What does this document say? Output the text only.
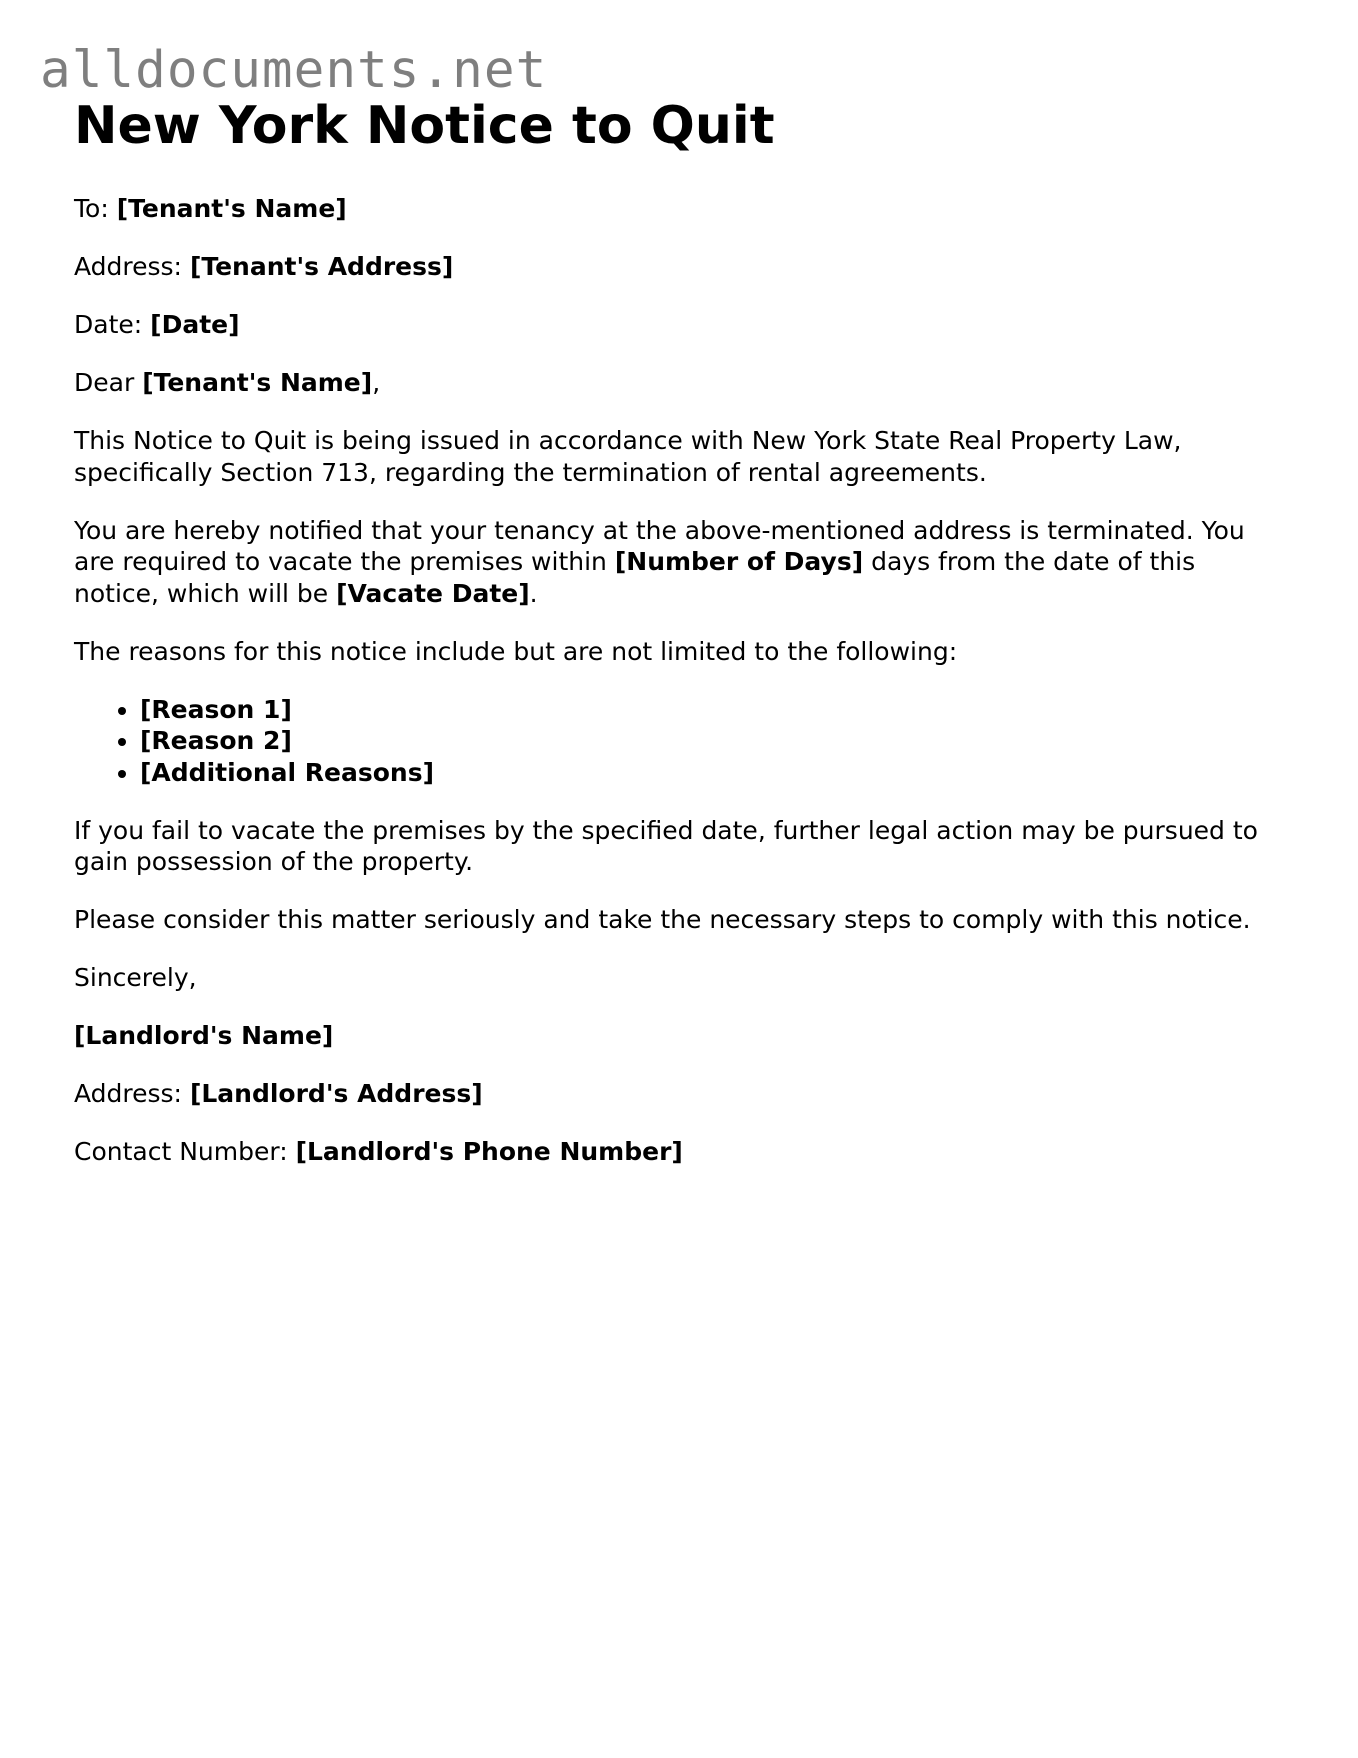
alldocuments.net
New York Notice to Quit

To: [Tenant's Name]

Address: [Tenant's Address]

Date: [Date]

Dear [Tenant's Name],

This Notice to Quit is being issued in accordance with New York State Real Property Law, specifically Section 713, regarding the termination of rental agreements.

You are hereby notified that your tenancy at the above-mentioned address is terminated. You are required to vacate the premises within [Number of Days] days from the date of this notice, which will be [Vacate Date].

The reasons for this notice include but are not limited to the following:

• [Reason 1]
• [Reason 2]
• [Additional Reasons]

If you fail to vacate the premises by the specified date, further legal action may be pursued to gain possession of the property.

Please consider this matter seriously and take the necessary steps to comply with this notice.

Sincerely,

[Landlord's Name]

Address: [Landlord's Address]

Contact Number: [Landlord's Phone Number]
